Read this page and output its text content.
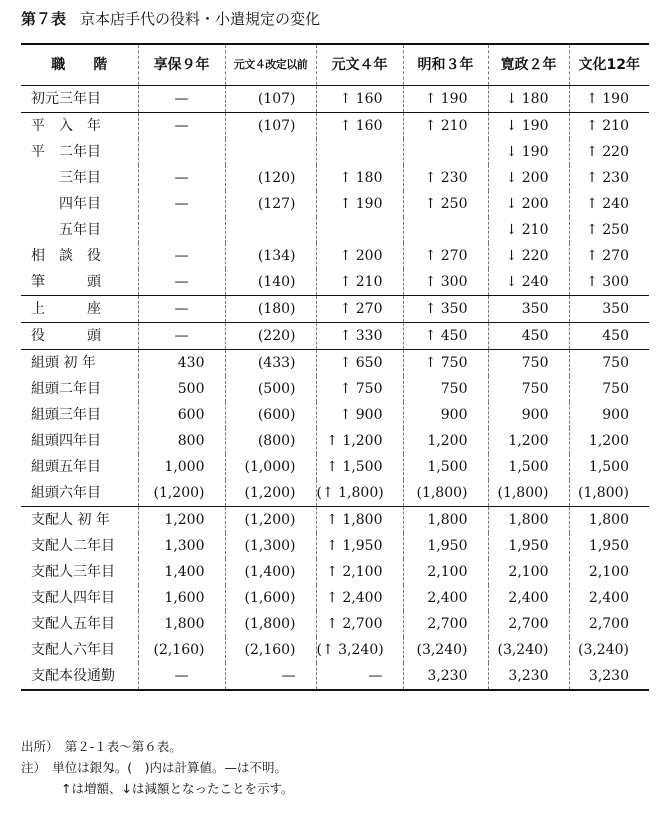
第７表 京本店手代の役料・小遣規定の変化
職　　階	享保９年	元文４改定以前	元文４年	明和３年	寛政２年	文化12年
初元三年目	—	(107)	↑ 160	↑ 190	↓ 180	↑ 190
平　入　年	—	(107)	↑ 160	↑ 210	↓ 190	↑ 210
平　二年目					↓ 190	↑ 220
　　三年目	—	(120)	↑ 180	↑ 230	↓ 200	↑ 230
　　四年目	—	(127)	↑ 190	↑ 250	↓ 200	↑ 240
　　五年目					↓ 210	↑ 250
相　談　役	—	(134)	↑ 200	↑ 270	↓ 220	↑ 270
筆　　　頭	—	(140)	↑ 210	↑ 300	↓ 240	↑ 300
上　　　座	—	(180)	↑ 270	↑ 350	350	350
役　　　頭	—	(220)	↑ 330	↑ 450	450	450
組頭 初 年	430	(433)	↑ 650	↑ 750	750	750
組頭二年目	500	(500)	↑ 750	750	750	750
組頭三年目	600	(600)	↑ 900	900	900	900
組頭四年目	800	(800)	↑ 1,200	1,200	1,200	1,200
組頭五年目	1,000	(1,000)	↑ 1,500	1,500	1,500	1,500
組頭六年目	(1,200)	(1,200)	(↑ 1,800)	(1,800)	(1,800)	(1,800)
支配人 初 年	1,200	(1,200)	↑ 1,800	1,800	1,800	1,800
支配人二年目	1,300	(1,300)	↑ 1,950	1,950	1,950	1,950
支配人三年目	1,400	(1,400)	↑ 2,100	2,100	2,100	2,100
支配人四年目	1,600	(1,600)	↑ 2,400	2,400	2,400	2,400
支配人五年目	1,800	(1,800)	↑ 2,700	2,700	2,700	2,700
支配人六年目	(2,160)	(2,160)	(↑ 3,240)	(3,240)	(3,240)	(3,240)
支配本役通勤	—	—	—	3,230	3,230	3,230
出所）　第２-１表～第６表。
注）　単位は銀匁。(　)内は計算値。—は不明。
↑は増額、↓は減額となったことを示す。
